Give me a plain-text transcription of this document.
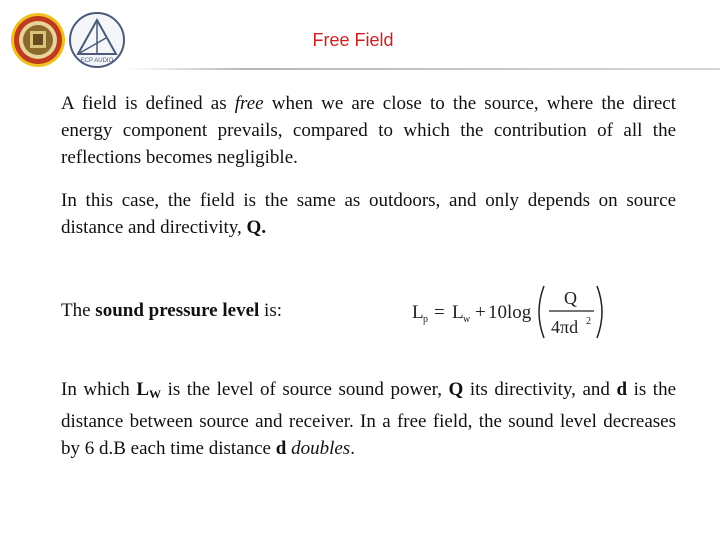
ECP AUDIO
Free Field
A field is defined as free when we are close to the source, where the direct energy component prevails, compared to which the contribution of all the reflections becomes negligible.
In this case, the field is the same as outdoors, and only depends on source distance and directivity, Q.
The sound pressure level is:	L p = L w + 10log
Q
4πd 2
In which $L_W$ is the level of source sound power, Q its directivity, and d is the distance between source and receiver. In a free field, the sound level decreases by 6 d.B each time distance d doubles.
